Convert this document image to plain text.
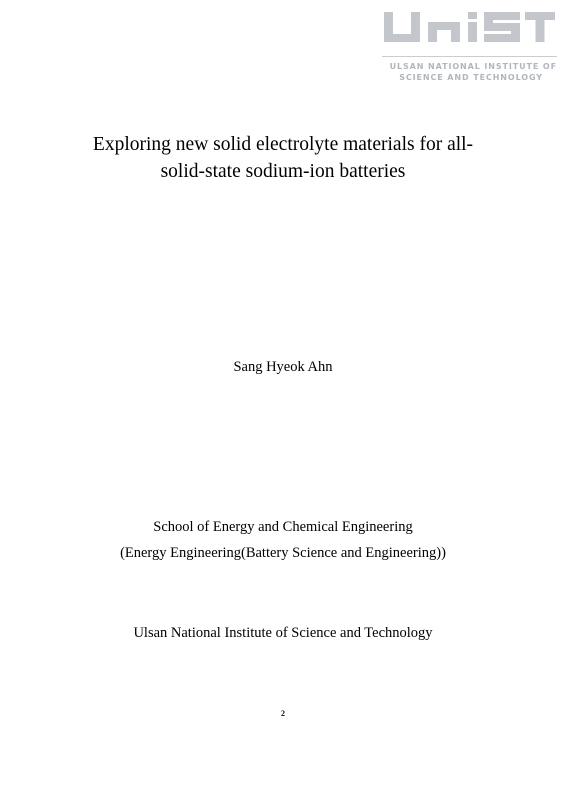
ULSAN NATIONAL INSTITUTE OF
SCIENCE AND TECHNOLOGY
Exploring new solid electrolyte materials for all-
solid-state sodium-ion batteries
Sang Hyeok Ahn
School of Energy and Chemical Engineering
(Energy Engineering(Battery Science and Engineering))
Ulsan National Institute of Science and Technology
2
